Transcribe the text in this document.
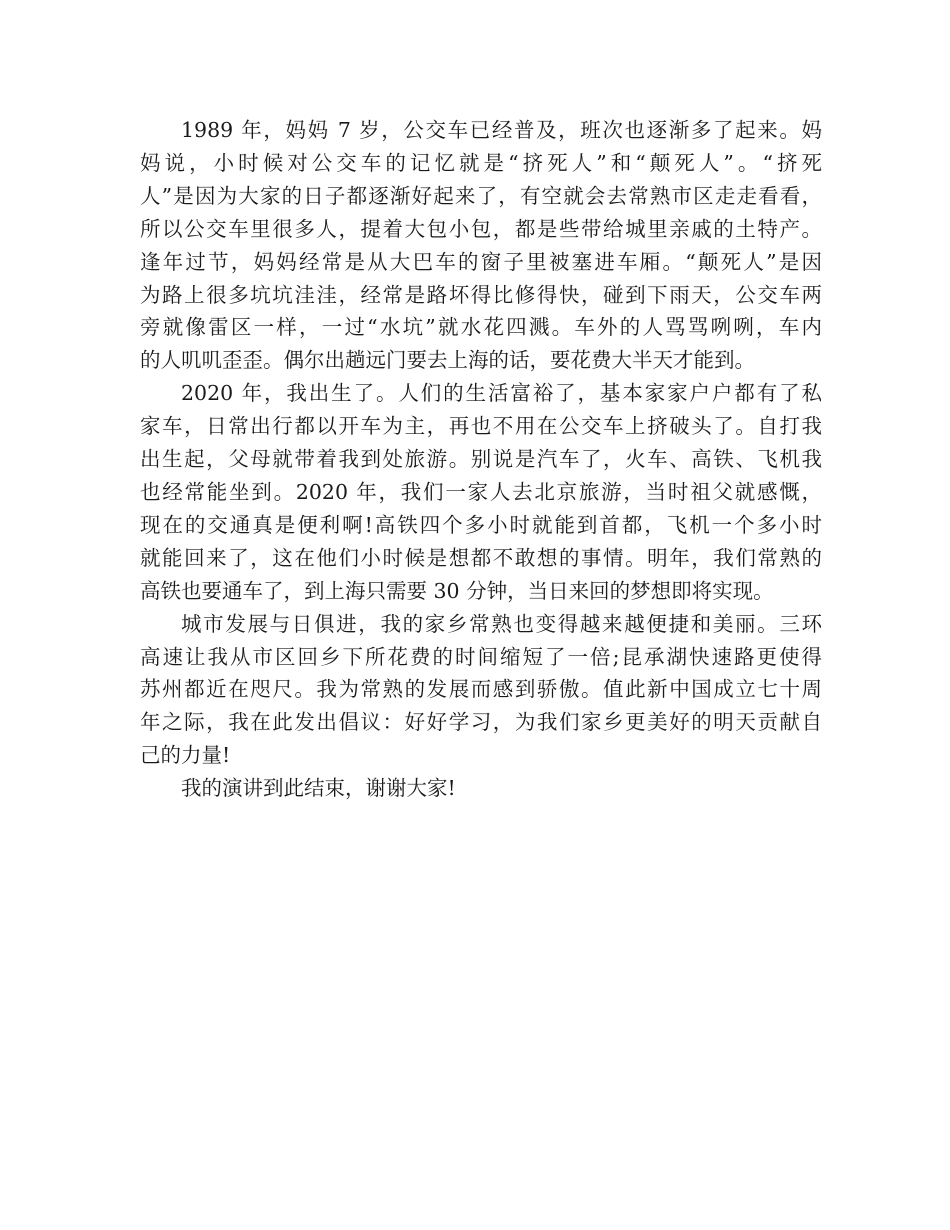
1989 年，妈妈 7 岁，公交车已经普及，班次也逐渐多了起来。妈
妈说，小时候对公交车的记忆就是“挤死人”和“颠死人”。“挤死
人”是因为大家的日子都逐渐好起来了，有空就会去常熟市区走走看看，
所以公交车里很多人，提着大包小包，都是些带给城里亲戚的土特产。
逢年过节，妈妈经常是从大巴车的窗子里被塞进车厢。“颠死人”是因
为路上很多坑坑洼洼，经常是路坏得比修得快，碰到下雨天，公交车两
旁就像雷区一样，一过“水坑”就水花四溅。车外的人骂骂咧咧，车内
的人叽叽歪歪。偶尔出趟远门要去上海的话，要花费大半天才能到。

2020 年，我出生了。人们的生活富裕了，基本家家户户都有了私
家车，日常出行都以开车为主，再也不用在公交车上挤破头了。自打我
出生起，父母就带着我到处旅游。别说是汽车了，火车、高铁、飞机我
也经常能坐到。2020 年，我们一家人去北京旅游，当时祖父就感慨，
现在的交通真是便利啊!高铁四个多小时就能到首都，飞机一个多小时
就能回来了，这在他们小时候是想都不敢想的事情。明年，我们常熟的
高铁也要通车了，到上海只需要 30 分钟，当日来回的梦想即将实现。

城市发展与日俱进，我的家乡常熟也变得越来越便捷和美丽。三环
高速让我从市区回乡下所花费的时间缩短了一倍;昆承湖快速路更使得
苏州都近在咫尺。我为常熟的发展而感到骄傲。值此新中国成立七十周
年之际，我在此发出倡议：好好学习，为我们家乡更美好的明天贡献自
己的力量!

我的演讲到此结束，谢谢大家!
